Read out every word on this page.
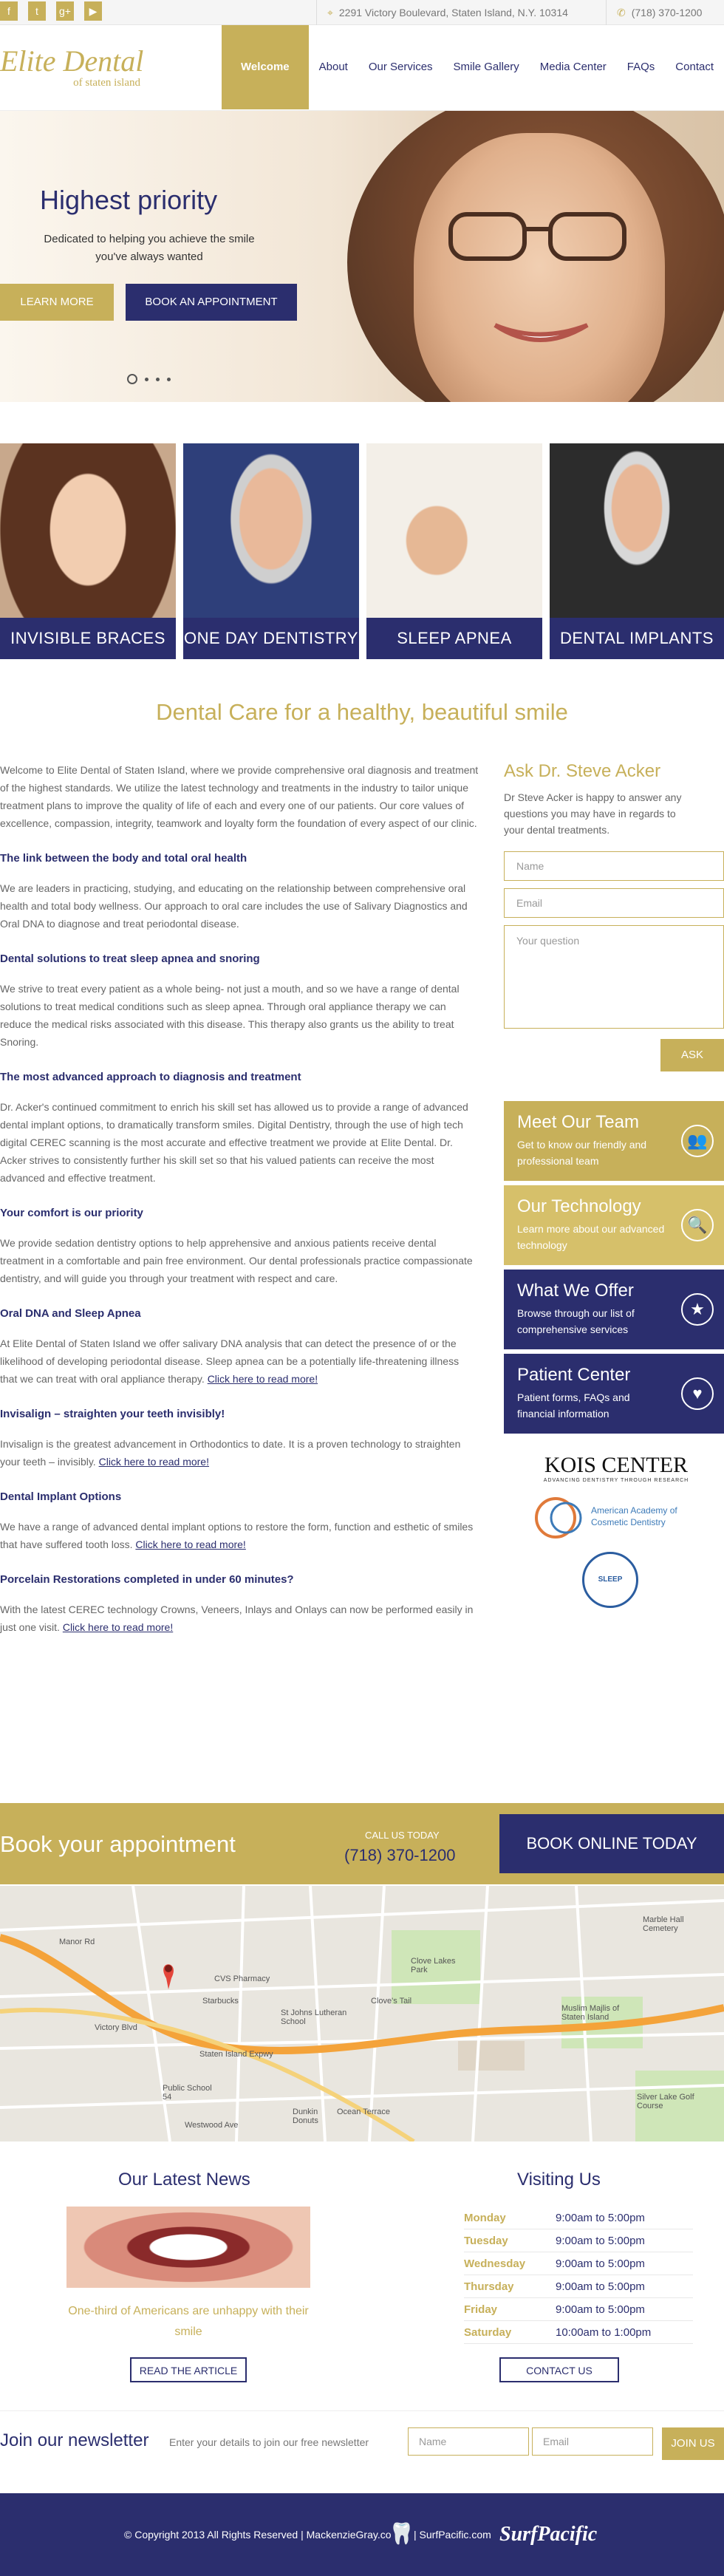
f	t	g+	▶	⌖ 2291 Victory Boulevard, Staten Island, N.Y. 10314	✆ (718) 370-1200
Elite Dental
of staten island
Welcome	About	Our Services	Smile Gallery	Media Center	FAQs	Contact
Highest priority

Dedicated to helping you achieve the smile you've always wanted

LEARN MORE	BOOK AN APPOINTMENT
INVISIBLE BRACES	ONE DAY DENTISTRY	SLEEP APNEA	DENTAL IMPLANTS
Dental Care for a healthy, beautiful smile

Welcome to Elite Dental of Staten Island, where we provide comprehensive oral diagnosis and treatment of the highest standards. We utilize the latest technology and treatments in the industry to tailor unique treatment plans to improve the quality of life of each and every one of our patients. Our core values of excellence, compassion, integrity, teamwork and loyalty form the foundation of every aspect of our clinic.

The link between the body and total oral health

We are leaders in practicing, studying, and educating on the relationship between comprehensive oral health and total body wellness. Our approach to oral care includes the use of Salivary Diagnostics and Oral DNA to diagnose and treat periodontal disease.

Dental solutions to treat sleep apnea and snoring

We strive to treat every patient as a whole being- not just a mouth, and so we have a range of dental solutions to treat medical conditions such as sleep apnea. Through oral appliance therapy we can reduce the medical risks associated with this disease. This therapy also grants us the ability to treat Snoring.

The most advanced approach to diagnosis and treatment

Dr. Acker's continued commitment to enrich his skill set has allowed us to provide a range of advanced dental implant options, to dramatically transform smiles. Digital Dentistry, through the use of high tech digital CEREC scanning is the most accurate and effective treatment we provide at Elite Dental. Dr. Acker strives to consistently further his skill set so that his valued patients can receive the most advanced and effective treatment.

Your comfort is our priority

We provide sedation dentistry options to help apprehensive and anxious patients receive dental treatment in a comfortable and pain free environment. Our dental professionals practice compassionate dentistry, and will guide you through your treatment with respect and care.

Oral DNA and Sleep Apnea

At Elite Dental of Staten Island we offer salivary DNA analysis that can detect the presence of or the likelihood of developing periodontal disease. Sleep apnea can be a potentially life-threatening illness that we can treat with oral appliance therapy. Click here to read more!

Invisalign – straighten your teeth invisibly!

Invisalign is the greatest advancement in Orthodontics to date. It is a proven technology to straighten your teeth – invisibly. Click here to read more!

Dental Implant Options

We have a range of advanced dental implant options to restore the form, function and esthetic of smiles that have suffered tooth loss. Click here to read more!

Porcelain Restorations completed in under 60 minutes?

With the latest CEREC technology Crowns, Veneers, Inlays and Onlays can now be performed easily in just one visit. Click here to read more!

Ask Dr. Steve Acker
Dr Steve Acker is happy to answer any questions you may have in regards to your dental treatments.
Name
Email
Your question
ASK
Meet Our Team

Get to know our friendly and professional team

👥
Our Technology

Learn more about our advanced technology

🔍
What We Offer

Browse through our list of comprehensive services

★
Patient Center

Patient forms, FAQs and financial information

♥
KOIS CENTER
ADVANCING DENTISTRY THROUGH RESEARCH
American Academy of Cosmetic Dentistry
SLEEP
Book your appointment	CALL US TODAY
(718) 370-1200
BOOK ONLINE TODAY
Manor Rd
Victory Blvd
Staten Island Expwy
CVS Pharmacy
Starbucks
St Johns Lutheran School
Clove Lakes Park
Clove's Tail
Muslim Majlis of Staten Island
Marble Hall Cemetery
Silver Lake Golf Course
Public School 54
Dunkin Donuts
Ocean Terrace
Westwood Ave
Our Latest News
One-third of Americans are unhappy with their smile
READ THE ARTICLE
Visiting Us
Monday	9:00am to 5:00pm
Tuesday	9:00am to 5:00pm
Wednesday	9:00am to 5:00pm
Thursday	9:00am to 5:00pm
Friday	9:00am to 5:00pm
Saturday	10:00am to 1:00pm
CONTACT US
Join our newsletter Enter your details to join our free newsletter	Name	Email	JOIN US
© Copyright 2013 All Rights Reserved | MackenzieGray.co
🦷 | SurfPacific.com SurfPacific
